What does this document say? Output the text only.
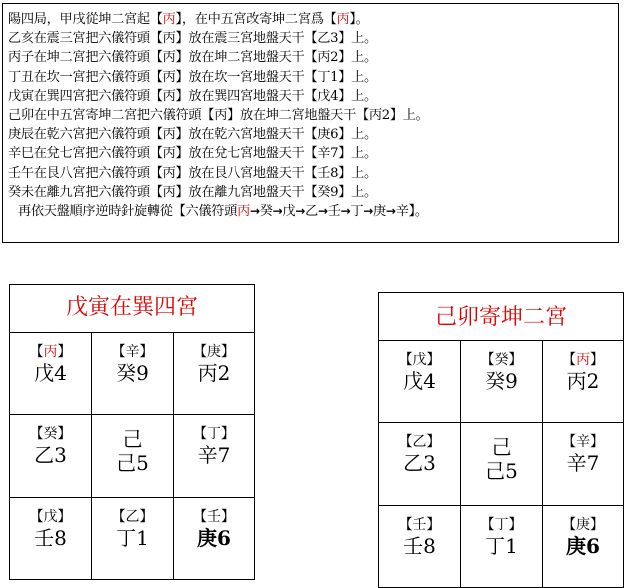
陽四局，甲戌從坤二宮起【丙】，在中五宮改寄坤二宮爲【丙】。
乙亥在震三宮把六儀符頭【丙】放在震三宮地盤天干【乙3】上。
丙子在坤二宮把六儀符頭【丙】放在坤二宮地盤天干【丙2】上。
丁丑在坎一宮把六儀符頭【丙】放在坎一宮地盤天干【丁1】上。
戊寅在巽四宮把六儀符頭【丙】放在巽四宮地盤天干【戊4】上。
己卯在中五宮寄坤二宮把六儀符頭【丙】放在坤二宮地盤天干【丙2】上。
庚辰在乾六宮把六儀符頭【丙】放在乾六宮地盤天干【庚6】上。
辛巳在兌七宮把六儀符頭【丙】放在兌七宮地盤天干【辛7】上。
壬午在艮八宮把六儀符頭【丙】放在艮八宮地盤天干【壬8】上。
癸未在離九宮把六儀符頭【丙】放在離九宮地盤天干【癸9】上。
再依天盤順序逆時針旋轉從【六儀符頭丙→癸→戊→乙→壬→丁→庚→辛】。
戊寅在巽四宮
【丙】
戊4
【辛】
癸9
【庚】
丙2
【癸】
乙3
己
己5
【丁】
辛7
【戊】
壬8
【乙】
丁1
【壬】
庚6
己卯寄坤二宮
【戊】
戊4
【癸】
癸9
【丙】
丙2
【乙】
乙3
己
己5
【辛】
辛7
【壬】
壬8
【丁】
丁1
【庚】
庚6
